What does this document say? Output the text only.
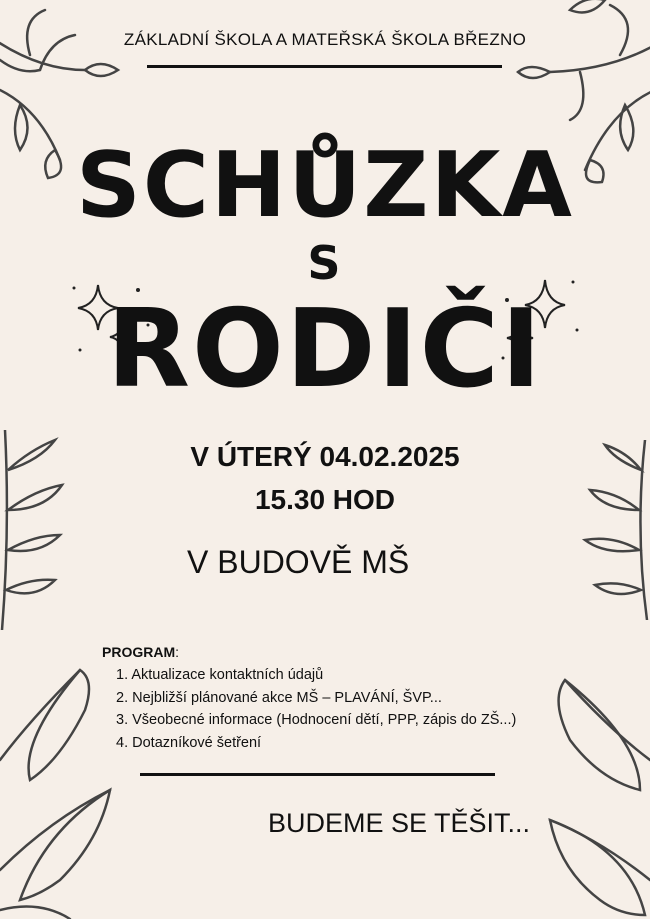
ZÁKLADNÍ ŠKOLA A MATEŘSKÁ ŠKOLA BŘEZNO
SCHŮZKA
S
RODIČI
V ÚTERÝ 04.02.2025
15.30 HOD
V BUDOVĚ MŠ
PROGRAM:
1. Aktualizace kontaktních údajů
2. Nejbližší plánované akce MŠ – PLAVÁNÍ, ŠVP...
3. Všeobecné informace (Hodnocení dětí, PPP, zápis do ZŠ...)
4. Dotazníkové šetření
BUDEME SE TĚŠIT...
